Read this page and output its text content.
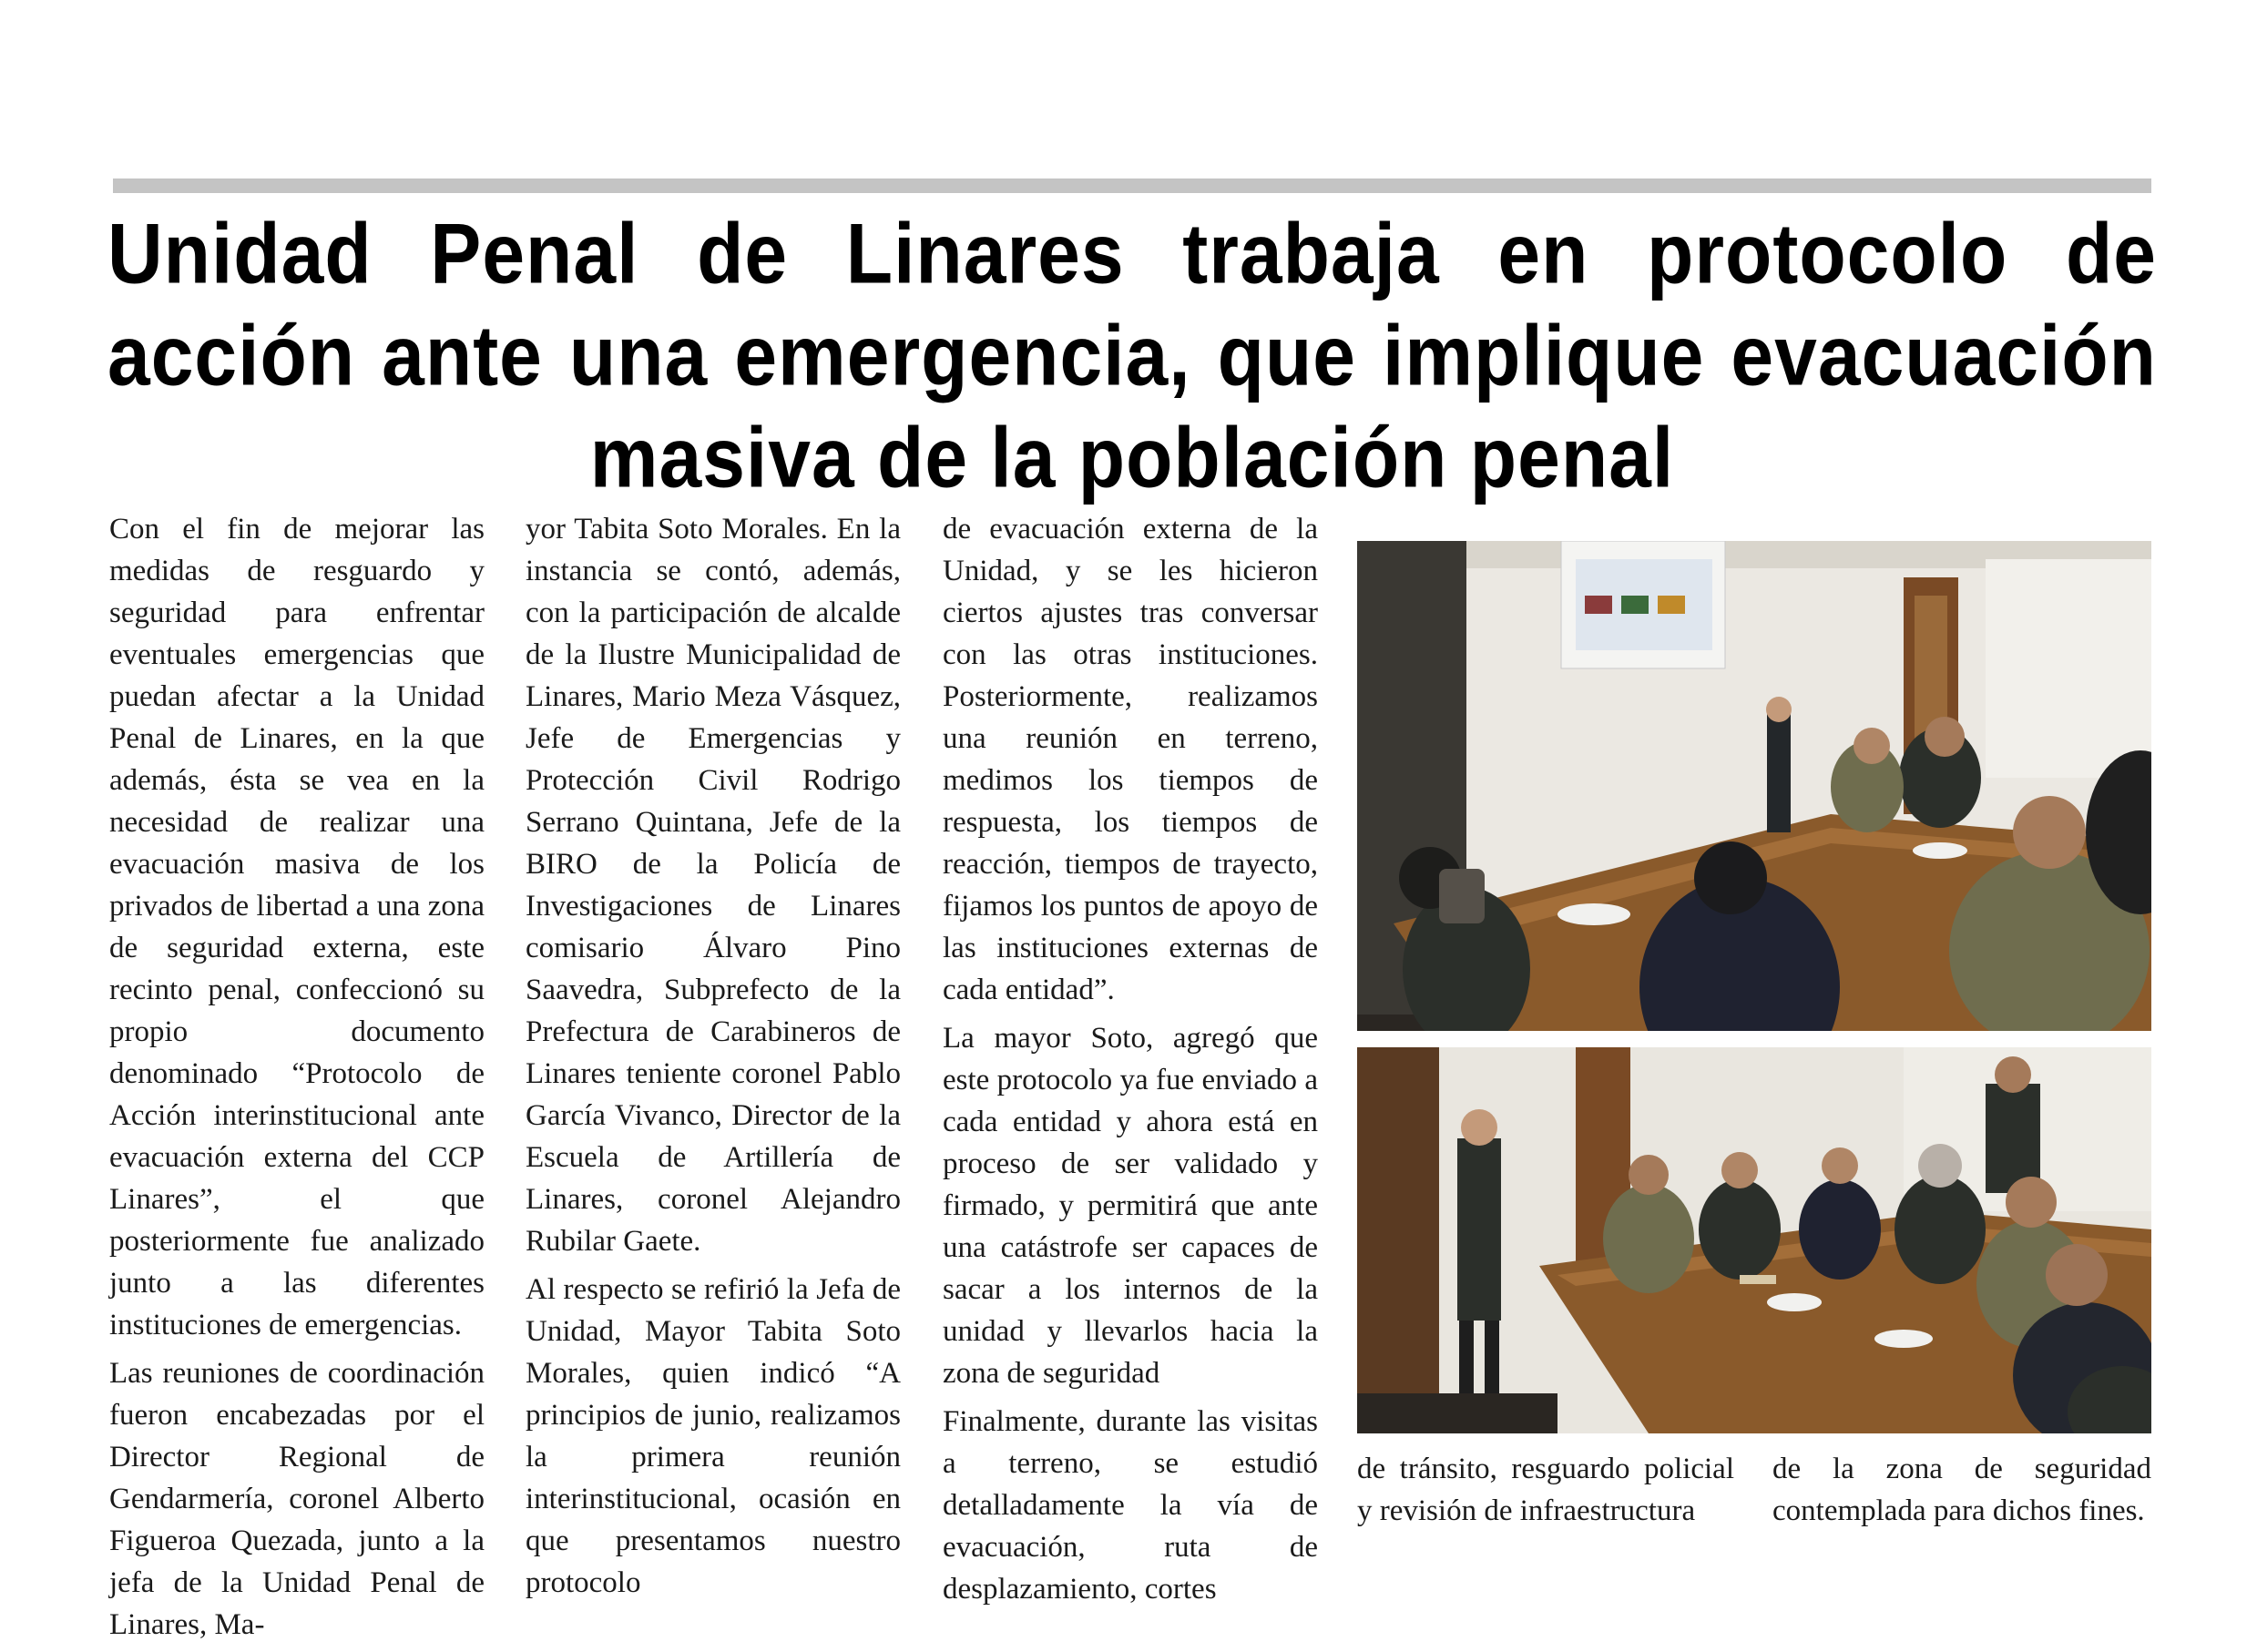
Unidad Penal de Linares trabaja en protocolo de acción ante una emergencia, que implique evacuación masiva de la población penal

Con el fin de mejorar las medidas de resguardo y seguridad para enfrentar eventuales emergencias que puedan afectar a la Unidad Penal de Linares, en la que además, ésta se vea en la necesidad de realizar una evacuación masiva de los privados de libertad a una zona de seguridad externa, este recinto penal, confeccionó su propio documento denominado “Protocolo de Acción interinstitucional ante evacuación externa del CCP Linares”, el que posteriormente fue analizado junto a las diferentes instituciones de emergencias.

Las reuniones de coordinación fueron encabezadas por el Director Regional de Gendarmería, coronel Alberto Figueroa Quezada, junto a la jefa de la Unidad Penal de Linares, Ma-

yor Tabita Soto Morales. En la instancia se contó, además, con la participación de alcalde de la Ilustre Municipalidad de Linares, Mario Meza Vásquez, Jefe de Emergencias y Protección Civil Rodrigo Serrano Quintana, Jefe de la BIRO de la Policía de Investigaciones de Linares comisario Álvaro Pino Saavedra, Subprefecto de la Prefectura de Carabineros de Linares teniente coronel Pablo García Vivanco, Director de la Escuela de Artillería de Linares, coronel Alejandro Rubilar Gaete.

Al respecto se refirió la Jefa de Unidad, Mayor Tabita Soto Morales, quien indicó “A principios de junio, realizamos la primera reunión interinstitucional, ocasión en que presentamos nuestro protocolo

de evacuación externa de la Unidad, y se les hicieron ciertos ajustes tras conversar con las otras instituciones. Posteriormente, realizamos una reunión en terreno, medimos los tiempos de respuesta, los tiempos de reacción, tiempos de trayecto, fijamos los puntos de apoyo de las instituciones externas de cada entidad”.

La mayor Soto, agregó que este protocolo ya fue enviado a cada entidad y ahora está en proceso de ser validado y firmado, y permitirá que ante una catástrofe ser capaces de sacar a los internos de la unidad y llevarlos hacia la zona de seguridad

Finalmente, durante las visitas a terreno, se estudió detalladamente la vía de evacuación, ruta de desplazamiento, cortes

de tránsito, resguardo policial y revisión de infraestructura

de la zona de seguridad contemplada para dichos fines.
